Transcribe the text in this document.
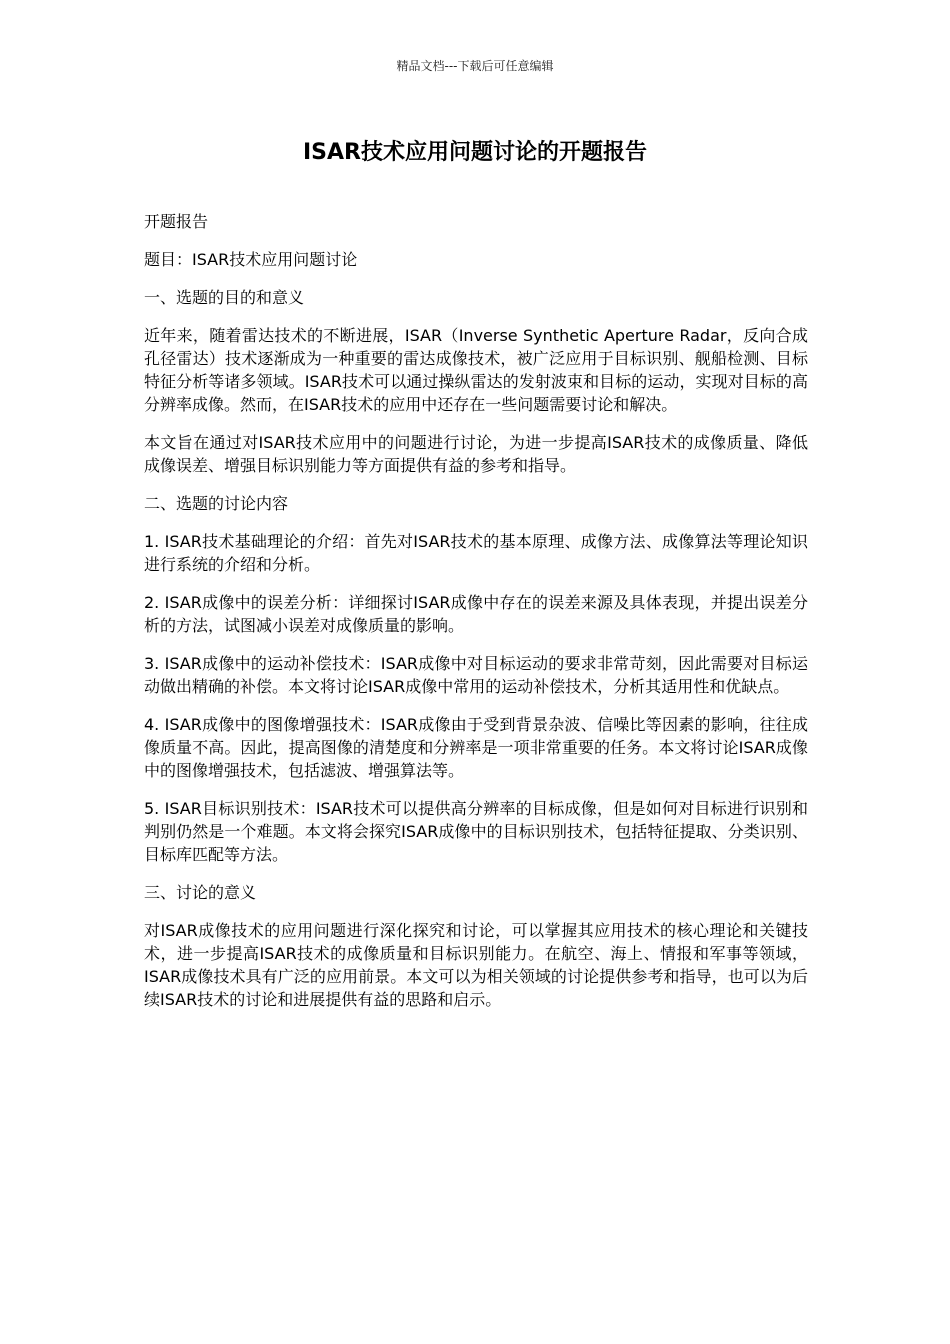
精品文档---下载后可任意编辑
ISAR技术应用问题讨论的开题报告

开题报告

题目：ISAR技术应用问题讨论

一、选题的目的和意义

近年来，随着雷达技术的不断进展，ISAR（Inverse Synthetic Aperture Radar，反向合成孔径雷达）技术逐渐成为一种重要的雷达成像技术，被广泛应用于目标识别、舰船检测、目标特征分析等诸多领域。ISAR技术可以通过操纵雷达的发射波束和目标的运动，实现对目标的高分辨率成像。然而，在ISAR技术的应用中还存在一些问题需要讨论和解决。

本文旨在通过对ISAR技术应用中的问题进行讨论，为进一步提高ISAR技术的成像质量、降低成像误差、增强目标识别能力等方面提供有益的参考和指导。

二、选题的讨论内容

1. ISAR技术基础理论的介绍：首先对ISAR技术的基本原理、成像方法、成像算法等理论知识进行系统的介绍和分析。

2. ISAR成像中的误差分析：详细探讨ISAR成像中存在的误差来源及具体表现，并提出误差分析的方法，试图减小误差对成像质量的影响。

3. ISAR成像中的运动补偿技术：ISAR成像中对目标运动的要求非常苛刻，因此需要对目标运动做出精确的补偿。本文将讨论ISAR成像中常用的运动补偿技术，分析其适用性和优缺点。

4. ISAR成像中的图像增强技术：ISAR成像由于受到背景杂波、信噪比等因素的影响，往往成像质量不高。因此，提高图像的清楚度和分辨率是一项非常重要的任务。本文将讨论ISAR成像中的图像增强技术，包括滤波、增强算法等。

5. ISAR目标识别技术：ISAR技术可以提供高分辨率的目标成像，但是如何对目标进行识别和判别仍然是一个难题。本文将会探究ISAR成像中的目标识别技术，包括特征提取、分类识别、目标库匹配等方法。

三、讨论的意义

对ISAR成像技术的应用问题进行深化探究和讨论，可以掌握其应用技术的核心理论和关键技术，进一步提高ISAR技术的成像质量和目标识别能力。在航空、海上、情报和军事等领域，ISAR成像技术具有广泛的应用前景。本文可以为相关领域的讨论提供参考和指导，也可以为后续ISAR技术的讨论和进展提供有益的思路和启示。
